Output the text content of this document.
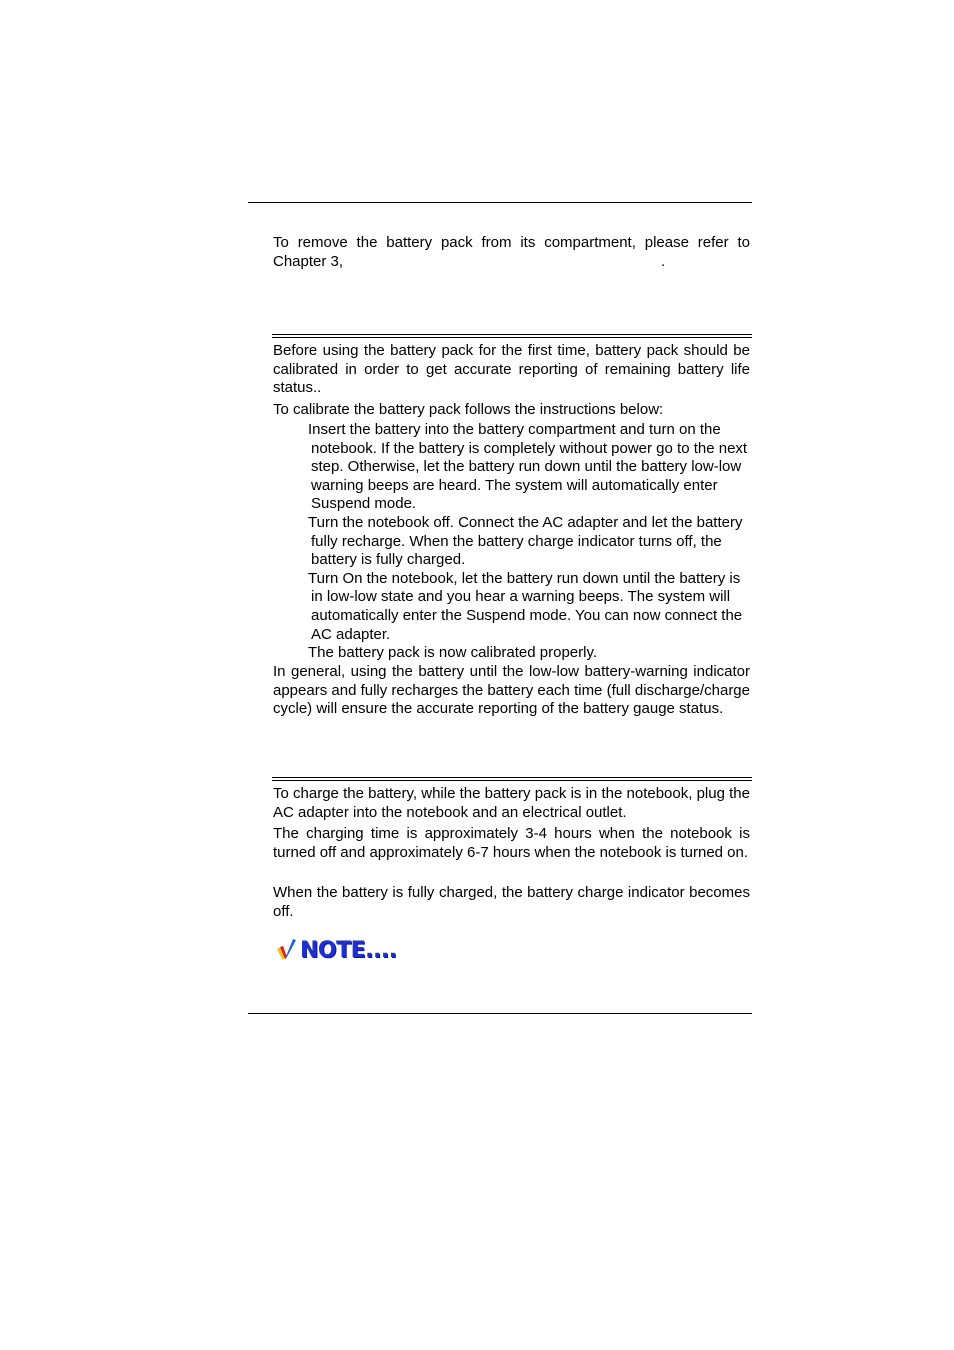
To remove the battery pack from its compartment, please refer to Chapter 3,	.

Before using the battery pack for the first time, battery pack should be calibrated in order to get accurate reporting of remaining battery life status..

To calibrate the battery pack follows the instructions below:

Insert the battery into the battery compartment and turn on the notebook. If the battery is completely without power go to the next step. Otherwise, let the battery run down until the battery low-low warning beeps are heard. The system will automatically enter Suspend mode.
Turn the notebook off. Connect the AC adapter and let the battery fully recharge. When the battery charge indicator turns off, the battery is fully charged.
Turn On the notebook, let the battery run down until the battery is in low-low state and you hear a warning beeps. The system will automatically enter the Suspend mode. You can now connect the AC adapter.
The battery pack is now calibrated properly.

In general, using the battery until the low-low battery-warning indicator appears and fully recharges the battery each time (full discharge/charge cycle) will ensure the accurate reporting of the battery gauge status.

To charge the battery, while the battery pack is in the notebook, plug the AC adapter into the notebook and an electrical outlet.

The charging time is approximately 3-4 hours when the notebook is turned off and approximately 6-7 hours when the notebook is turned on.

When the battery is fully charged, the battery charge indicator becomes off.

NOTE....
